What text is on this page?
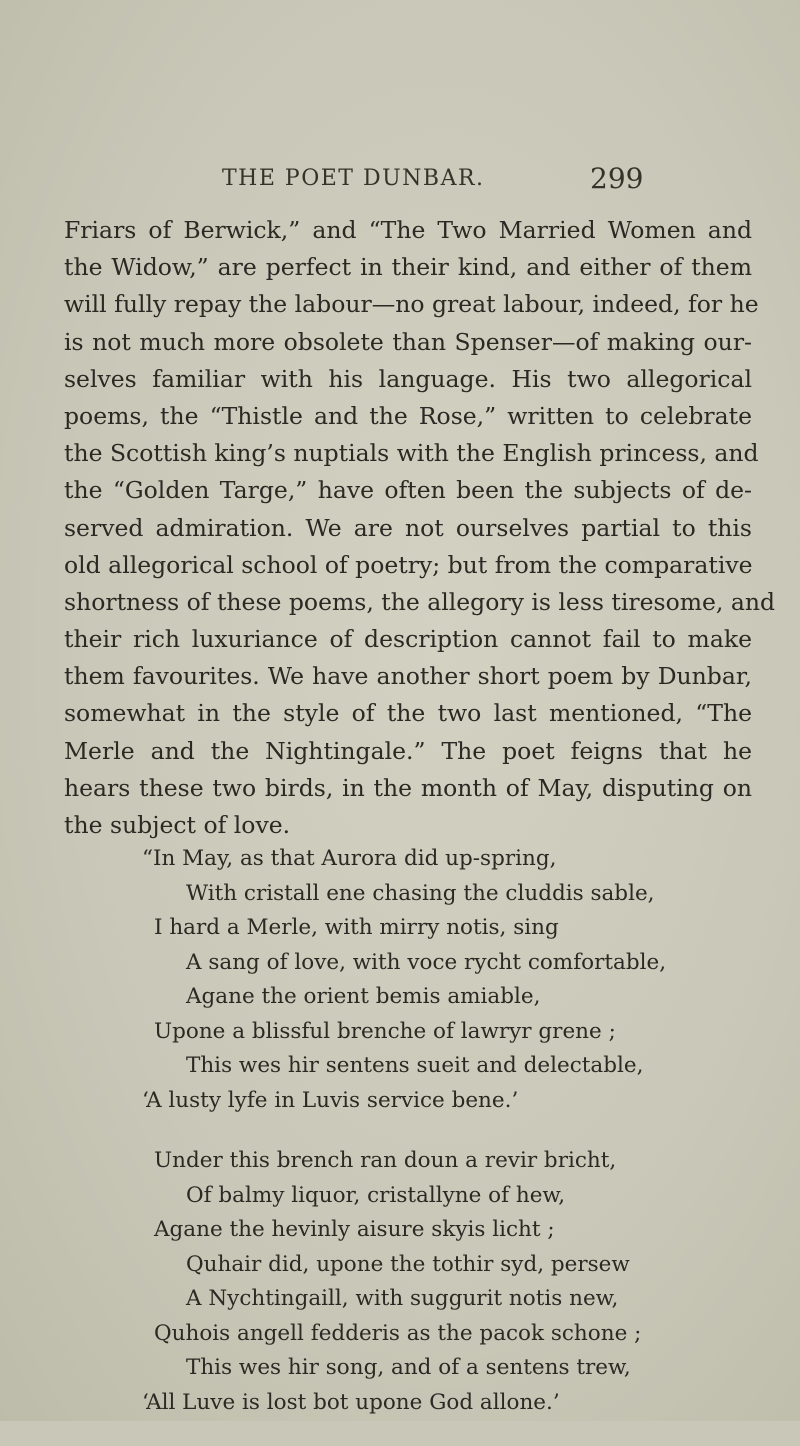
THE POET DUNBAR.	299
Friars of Berwick,” and “The Two Married Women and
the Widow,” are perfect in their kind, and either of them
will fully repay the labour—no great labour, indeed, for he
is not much more obsolete than Spenser—of making our-
selves familiar with his language. His two allegorical
poems, the “Thistle and the Rose,” written to celebrate
the Scottish king’s nuptials with the English princess, and
the “Golden Targe,” have often been the subjects of de-
served admiration. We are not ourselves partial to this
old allegorical school of poetry; but from the comparative
shortness of these poems, the allegory is less tiresome, and
their rich luxuriance of description cannot fail to make
them favourites. We have another short poem by Dunbar,
somewhat in the style of the two last mentioned, “The
Merle and the Nightingale.” The poet feigns that he
hears these two birds, in the month of May, disputing on
the subject of love.
“In May, as that Aurora did up-spring,
With cristall ene chasing the cluddis sable,
I hard a Merle, with mirry notis, sing
A sang of love, with voce rycht comfortable,
Agane the orient bemis amiable,
Upone a blissful brenche of lawryr grene ;
This wes hir sentens sueit and delectable,
‘A lusty lyfe in Luvis service bene.’
Under this brench ran doun a revir bricht,
Of balmy liquor, cristallyne of hew,
Agane the hevinly aisure skyis licht ;
Quhair did, upone the tothir syd, persew
A Nychtingaill, with suggurit notis new,
Quhois angell fedderis as the pacok schone ;
This wes hir song, and of a sentens trew,
‘All Luve is lost bot upone God allone.’
